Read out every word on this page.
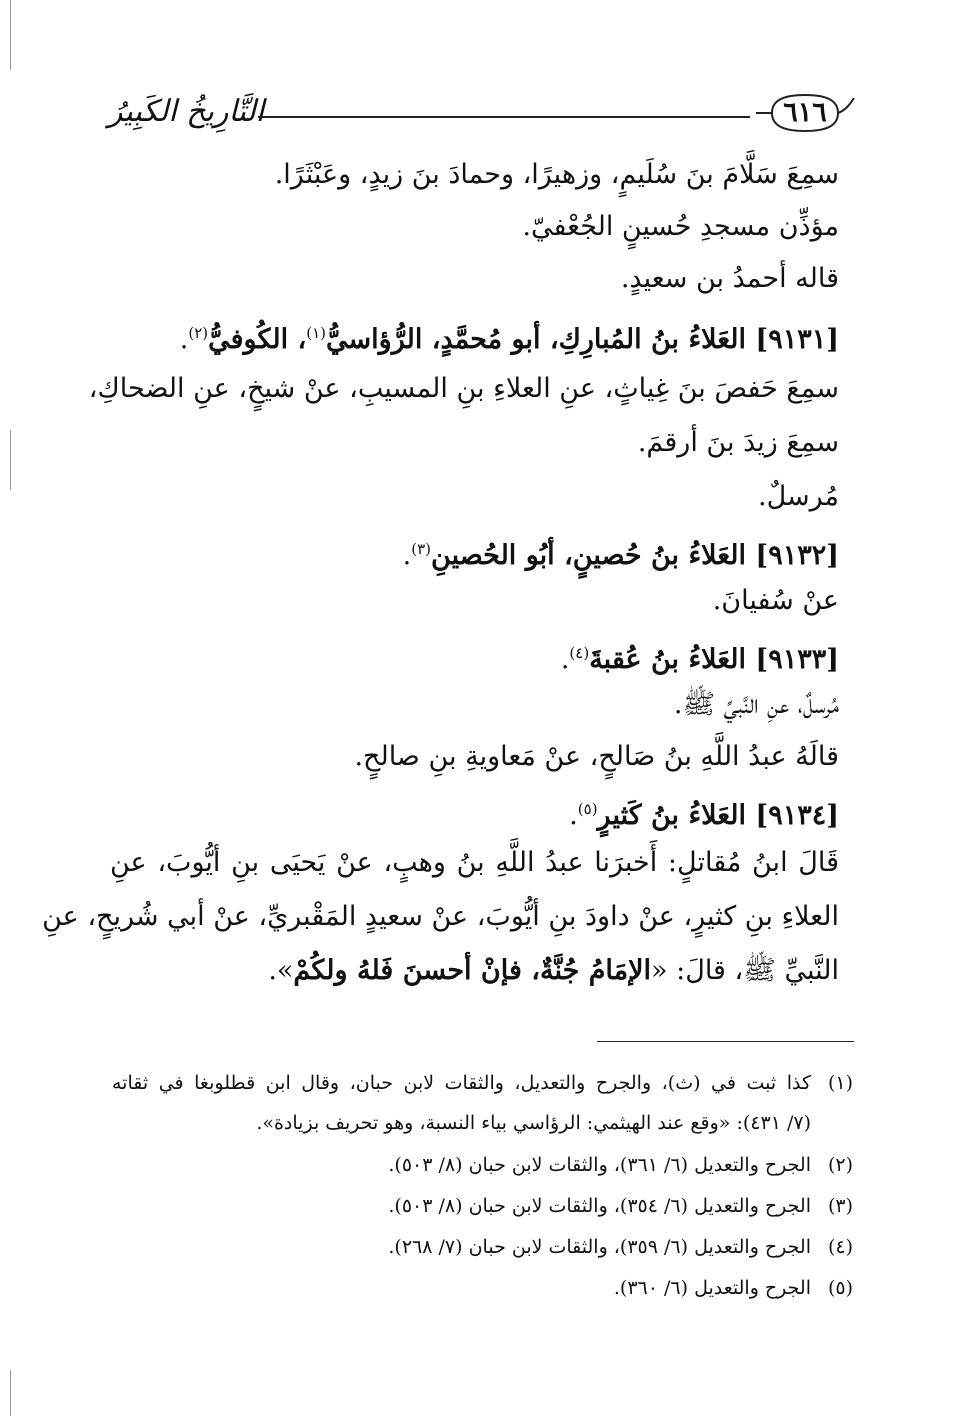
التَّارِيخُ الكَبِيرُ	٦١٦
سمِعَ سَلَّامَ بنَ سُلَيمٍ، وزهيرًا، وحمادَ بنَ زيدٍ، وعَبْثَرًا.
مؤذِّن مسجدِ حُسينٍ الجُعْفيّ.
قاله أحمدُ بن سعيدٍ.
[٩١٣١] العَلاءُ بنُ المُبارِكِ، أبو مُحمَّدٍ، الرُّؤاسيُّ$^{(١)}$، الكُوفيُّ$^{(٢)}$.
سمِعَ حَفصَ بنَ غِياثٍ، عنِ العلاءِ بنِ المسيبِ، عنْ شيخٍ، عنِ الضحاكِ،
سمِعَ زيدَ بنَ أرقمَ.
مُرسلٌ.
[٩١٣٢] العَلاءُ بنُ حُصينٍ، أبُو الحُصينِ$^{(٣)}$.
عنْ سُفيانَ.
[٩١٣٣] العَلاءُ بنُ عُقبةَ$^{(٤)}$.
مُرسلٌ، عنِ النَّبيِّ ﷺ.
قالَهُ عبدُ اللَّهِ بنُ صَالحٍ، عنْ مَعاويةِ بنِ صالحٍ.
[٩١٣٤] العَلاءُ بنُ كَثيرٍ$^{(٥)}$.
قَالَ ابنُ مُقاتلٍ: أَخبرَنا عبدُ اللَّهِ بنُ وهبٍ، عنْ يَحيَى بنِ أيُّوبَ، عنِ
العلاءِ بنِ كثيرٍ، عنْ داودَ بنِ أيُّوبَ، عنْ سعيدٍ المَقْبريِّ، عنْ أبي شُريحٍ، عنِ
النَّبيِّ ﷺ، قالَ: «الإمَامُ جُنَّةٌ، فإنْ أحسنَ فَلهُ ولكُمْ».
(١)كذا ثبت في (ث)، والجرح والتعديل، والثقات لابن حبان، وقال ابن قطلوبغا في ثقاته
(٧/ ٤٣١): «وقع عند الهيثمي: الرؤاسي بياء النسبة، وهو تحريف بزيادة».
(٢)الجرح والتعديل (٦/ ٣٦١)، والثقات لابن حبان (٨/ ٥٠٣).
(٣)الجرح والتعديل (٦/ ٣٥٤)، والثقات لابن حبان (٨/ ٥٠٣).
(٤)الجرح والتعديل (٦/ ٣٥٩)، والثقات لابن حبان (٧/ ٢٦٨).
(٥)الجرح والتعديل (٦/ ٣٦٠).
